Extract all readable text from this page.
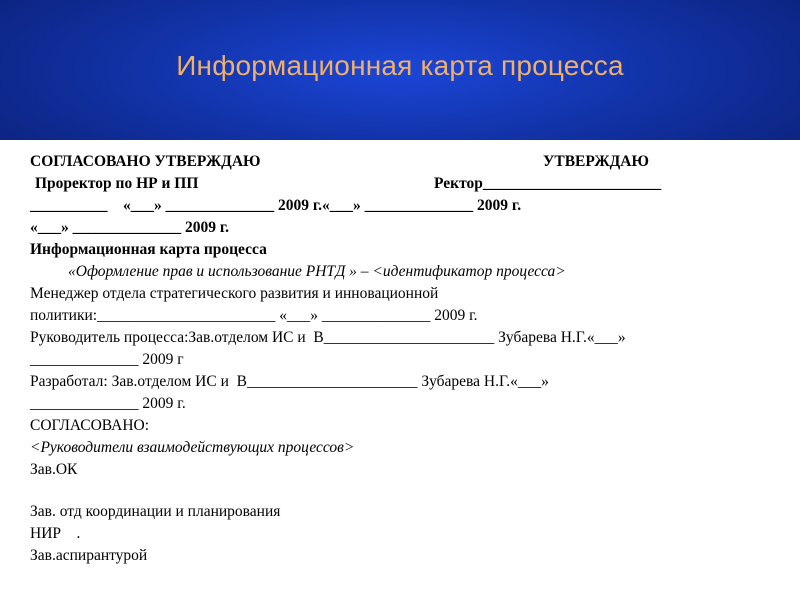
Информационная карта процесса
СОГЛАСОВАНО УТВЕРЖДАЮ	УТВЕРЖДАЮ
Проректор по НР и ПП	Ректор_______________________
__________    «___» ______________ 2009 г.«___» ______________ 2009 г.
«___» ______________ 2009 г.
Информационная карта процесса
«Оформление прав и использование РНТД » – <идентификатор процесса>
Менеджер отдела стратегического развития и инновационной
политики:_______________________ «___» ______________ 2009 г.
Руководитель процесса:Зав.отделом ИС и  В______________________ Зубарева Н.Г.«___»
______________ 2009 г
Разработал: Зав.отделом ИС и  В______________________ Зубарева Н.Г.«___»
______________ 2009 г.
СОГЛАСОВАНО:
<Руководители взаимодействующих процессов>
Зав.ОК
Зав. отд координации и планирования
НИР    .
Зав.аспирантурой
